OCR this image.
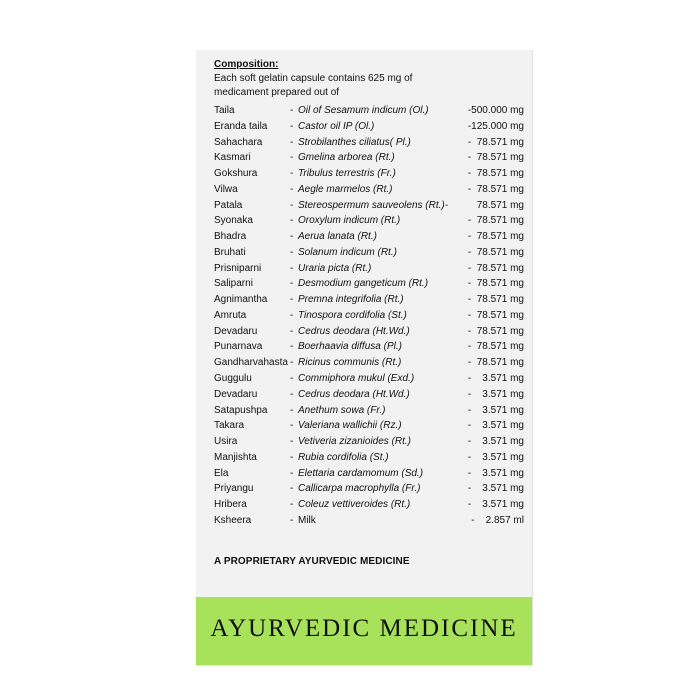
Composition:
Each soft gelatin capsule contains 625 mg of
medicament prepared out of
Taila	- Oil of Sesamum indicum (Ol.)	-500.000 mg
Eranda taila - Castor oil IP (Ol.)	-125.000 mg
Sahachara	- Strobilanthes ciliatus( Pl.)	-  78.571 mg
Kasmari	- Gmelina arborea (Rt.)	-  78.571 mg
Gokshura	- Tribulus terrestris (Fr.)	-  78.571 mg
Vilwa	- Aegle marmelos (Rt.)	-  78.571 mg
Patala	- Stereospermum sauveolens (Rt.)-	78.571 mg
Syonaka	- Oroxylum indicum (Rt.)	-  78.571 mg
Bhadra	- Aerua lanata (Rt.)	-  78.571 mg
Bruhati	- Solanum indicum (Rt.)	-  78.571 mg
Prisniparni	- Uraria picta (Rt.)	-  78.571 mg
Saliparni	- Desmodium gangeticum (Rt.)	-  78.571 mg
Agnimantha - Premna integrifolia (Rt.)	-  78.571 mg
Amruta	- Tinospora cordifolia (St.)	-  78.571 mg
Devadaru	- Cedrus deodara (Ht.Wd.)	-  78.571 mg
Punarnava	- Boerhaavia diffusa (Pl.)	-  78.571 mg
Gandharvahasta - Ricinus communis (Rt.)	-  78.571 mg
Guggulu	- Commiphora mukul (Exd.)	-    3.571 mg
Devadaru	- Cedrus deodara (Ht.Wd.)	-    3.571 mg
Satapushpa - Anethum sowa (Fr.)	-    3.571 mg
Takara	- Valeriana wallichii (Rz.)	-    3.571 mg
Usira	- Vetiveria zizanioides (Rt.)	-    3.571 mg
Manjishta	- Rubia cordifolia (St.)	-    3.571 mg
Ela	- Elettaria cardamomum (Sd.)	-    3.571 mg
Priyangu	- Callicarpa macrophylla (Fr.)	-    3.571 mg
Hribera	- Coleuz vettiveroides (Rt.)	-    3.571 mg
Ksheera	- Milk	-    2.857 ml
A PROPRIETARY AYURVEDIC MEDICINE
AYURVEDIC MEDICINE
